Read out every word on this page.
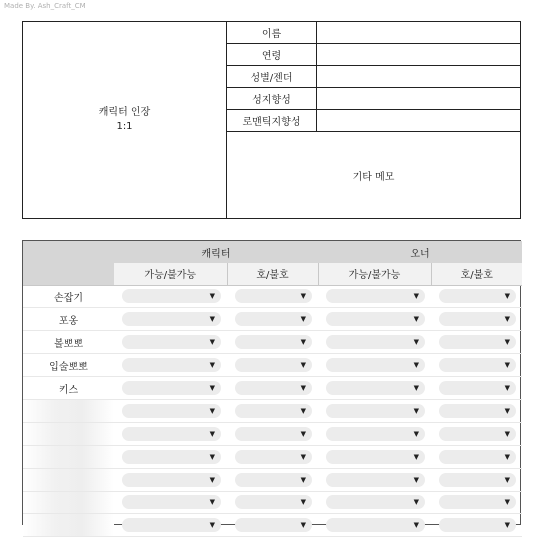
Made By. Ash_Craft_CM
캐릭터 인장
1:1
이름
연령
성별/젠더
성지향성
로맨틱지향성
기타 메모
	캐릭터		오너	
	가능/불가능	호/불호	가능/불가능	호/불호
손잡기	▼	▼	▼	▼

포옹	▼	▼	▼	▼

볼뽀뽀	▼	▼	▼	▼

입술뽀뽀	▼	▼	▼	▼

키스	▼	▼	▼	▼

	▼	▼	▼	▼

	▼	▼	▼	▼

	▼	▼	▼	▼

	▼	▼	▼	▼

	▼	▼	▼	▼

	▼	▼	▼	▼
